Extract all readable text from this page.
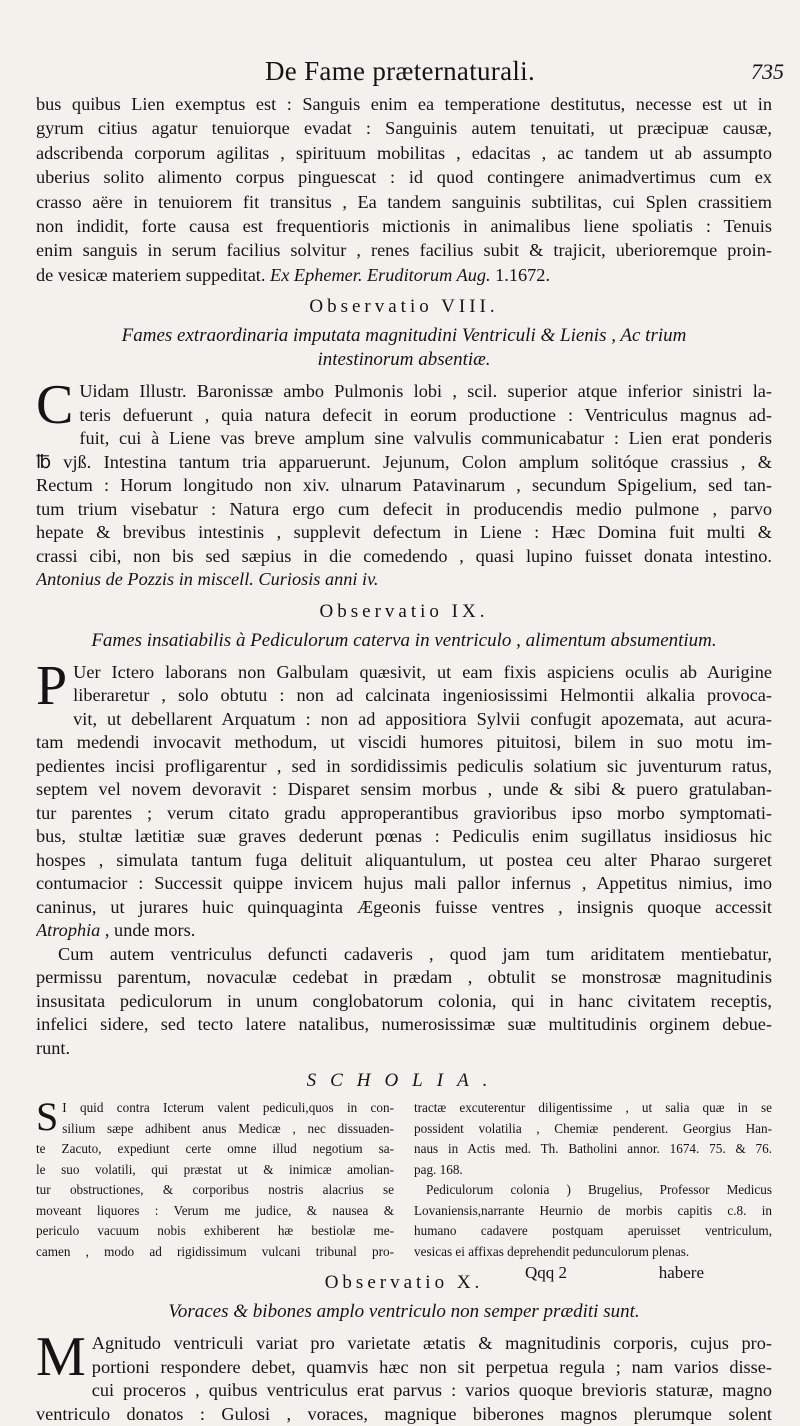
De Fame præternaturali.	735

bus quibus Lien exemptus est : Sanguis enim ea temperatione destitutus, necesse est ut in
gyrum citius agatur tenuiorque evadat : Sanguinis autem tenuitati, ut præcipuæ causæ,
adscribenda corporum agilitas , spirituum mobilitas , edacitas , ac tandem ut ab assumpto
uberius solito alimento corpus pinguescat : id quod contingere animadvertimus cum ex
crasso aëre in tenuiorem fit transitus , Ea tandem sanguinis subtilitas, cui Splen crassitiem
non indidit, forte causa est frequentioris mictionis in animalibus liene spoliatis : Tenuis
enim sanguis in serum facilius solvitur , renes facilius subit & trajicit, uberioremque proin-
de vesicæ materiem suppeditat. Ex Ephemer. Eruditorum Aug. 1.1672.

Observatio VIII.
Fames extraordinaria imputata magnitudini Ventriculi & Lienis , Ac trium
intestinorum absentiæ.

C Uidam Illustr. Baronissæ ambo Pulmonis lobi , scil. superior atque inferior sinistri la-
teris defuerunt , quia natura defecit in eorum productione : Ventriculus magnus ad-
fuit, cui à Liene vas breve amplum sine valvulis communicabatur : Lien erat ponderis
℔ vjß. Intestina tantum tria apparuerunt. Jejunum, Colon amplum solitóque crassius , &
Rectum : Horum longitudo non xiv. ulnarum Patavinarum , secundum Spigelium, sed tan-
tum trium visebatur : Natura ergo cum defecit in producendis medio pulmone , parvo
hepate & brevibus intestinis , supplevit defectum in Liene : Hæc Domina fuit multi &
crassi cibi, non bis sed sæpius in die comedendo , quasi lupino fuisset donata intestino.
Antonius de Pozzis in miscell. Curiosis anni iv.

Observatio IX.
Fames insatiabilis à Pediculorum caterva in ventriculo , alimentum absumentium.

P Uer Ictero laborans non Galbulam quæsivit, ut eam fixis aspiciens oculis ab Aurigine
liberaretur , solo obtutu : non ad calcinata ingeniosissimi Helmontii alkalia provoca-
vit, ut debellarent Arquatum : non ad appositiora Sylvii confugit apozemata, aut acura-
tam medendi invocavit methodum, ut viscidi humores pituitosi, bilem in suo motu im-
pedientes incisi profligarentur , sed in sordidissimis pediculis solatium sic juventurum ratus,
septem vel novem devoravit : Disparet sensim morbus , unde & sibi & puero gratulaban-
tur parentes ; verum citato gradu approperantibus gravioribus ipso morbo symptomati-
bus, stultæ lætitiæ suæ graves dederunt pœnas : Pediculis enim sugillatus insidiosus hic
hospes , simulata tantum fuga delituit aliquantulum, ut postea ceu alter Pharao surgeret
contumacior : Successit quippe invicem hujus mali pallor infernus , Appetitus nimius, imo
caninus, ut jurares huic quinquaginta Ægeonis fuisse ventres , insignis quoque accessit
Atrophia , unde mors.

Cum autem ventriculus defuncti cadaveris , quod jam tum ariditatem mentiebatur,
permissu parentum, novaculæ cedebat in prædam , obtulit se monstrosæ magnitudinis
insusitata pediculorum in unum conglobatorum colonia, qui in hanc civitatem receptis,
infelici sidere, sed tecto latere natalibus, numerosissimæ suæ multitudinis orginem debue-
runt.

SCHOLIA.
S I quid contra Icterum valent pediculi,quos in con-
silium sæpe adhibent anus Medicæ , nec dissuaden-
te Zacuto, expediunt certe omne illud negotium sa-
le suo volatili, qui præstat ut & inimicæ amolian-
tur obstructiones, & corporibus nostris alacrius se
moveant liquores : Verum me judice, & nausea &
periculo vacuum nobis exhiberent hæ bestiolæ me-
camen , modo ad rigidissimum vulcani tribunal pro-
tractæ excuterentur diligentissime , ut salia quæ in se
possident volatilia , Chemiæ penderent. Georgius Han-
naus in Actis med. Th. Batholini annor. 1674. 75. & 76.
pag. 168.
Pediculorum colonia ) Brugelius, Professor Medicus
Lovaniensis,narrante Heurnio de morbis capitis c.8. in
humano cadavere postquam aperuisset ventriculum,
vesicas ei affixas deprehendit pedunculorum plenas.
Observatio X.
Voraces & bibones amplo ventriculo non semper præditi sunt.

M Agnitudo ventriculi variat pro varietate ætatis & magnitudinis corporis, cujus pro-
portioni respondere debet, quamvis hæc non sit perpetua regula ; nam varios disse-
cui proceros , quibus ventriculus erat parvus : varios quoque brevioris staturæ, magno
ventriculo donatos : Gulosi , voraces, magnique biberones magnos plerumque solent

Qqq 2	habere
